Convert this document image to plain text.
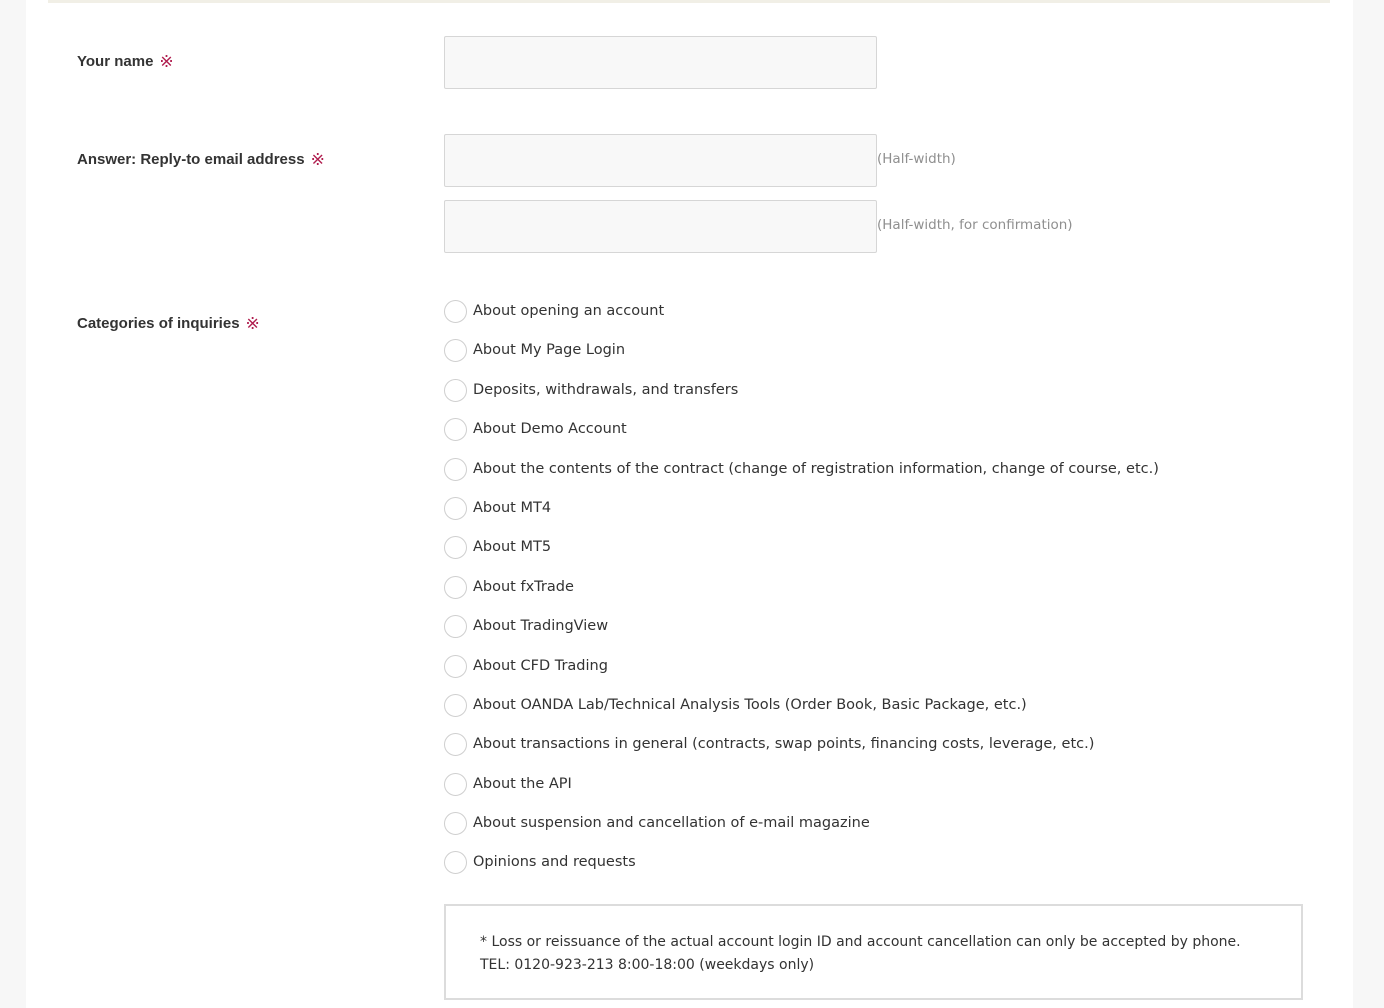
Your name ※
Answer: Reply-to email address ※	(Half-width)
(Half-width, for confirmation)
Categories of inquiries ※
About opening an account
About My Page Login
Deposits, withdrawals, and transfers
About Demo Account
About the contents of the contract (change of registration information, change of course, etc.)
About MT4
About MT5
About fxTrade
About TradingView
About CFD Trading
About OANDA Lab/Technical Analysis Tools (Order Book, Basic Package, etc.)
About transactions in general (contracts, swap points, financing costs, leverage, etc.)
About the API
About suspension and cancellation of e-mail magazine
Opinions and requests

* Loss or reissuance of the actual account login ID and account cancellation can only be accepted by phone. TEL: 0120-923-213 8:00-18:00 (weekdays only)
